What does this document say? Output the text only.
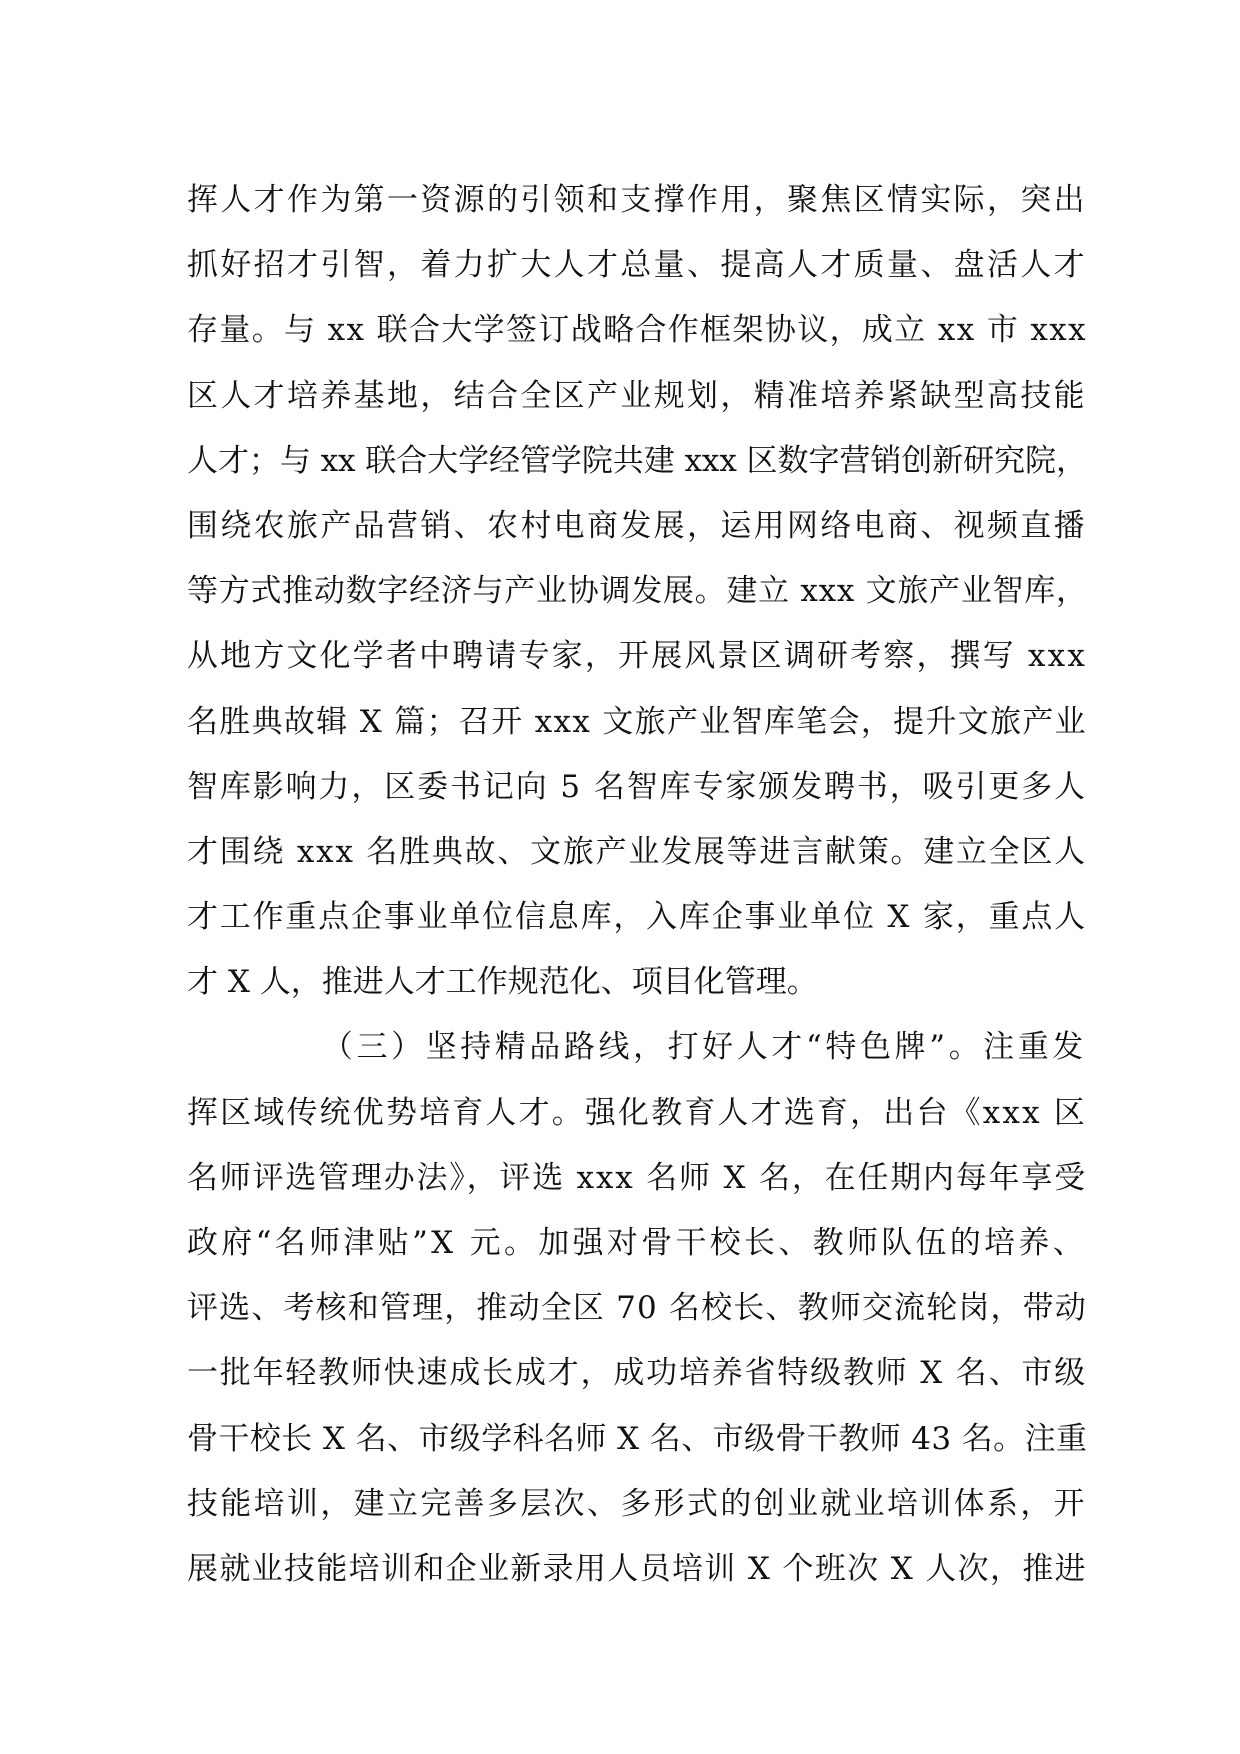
挥人才作为第一资源的引领和支撑作用，聚焦区情实际，突出
抓好招才引智，着力扩大人才总量、提高人才质量、盘活人才
存量。与 xx 联合大学签订战略合作框架协议，成立 xx 市 xxx
区人才培养基地，结合全区产业规划，精准培养紧缺型高技能
人才；与 xx 联合大学经管学院共建 xxx 区数字营销创新研究院，
围绕农旅产品营销、农村电商发展，运用网络电商、视频直播
等方式推动数字经济与产业协调发展。建立 xxx 文旅产业智库，
从地方文化学者中聘请专家，开展风景区调研考察，撰写 xxx
名胜典故辑 X 篇；召开 xxx 文旅产业智库笔会，提升文旅产业
智库影响力，区委书记向 5 名智库专家颁发聘书，吸引更多人
才围绕 xxx 名胜典故、文旅产业发展等进言献策。建立全区人
才工作重点企事业单位信息库，入库企事业单位 X 家，重点人
才 X 人，推进人才工作规范化、项目化管理。
（三）坚持精品路线，打好人才“特色牌”。注重发
挥区域传统优势培育人才。强化教育人才选育，出台《xxx 区
名师评选管理办法》，评选 xxx 名师 X 名，在任期内每年享受
政府“名师津贴”X 元。加强对骨干校长、教师队伍的培养、
评选、考核和管理，推动全区 70 名校长、教师交流轮岗，带动
一批年轻教师快速成长成才，成功培养省特级教师 X 名、市级
骨干校长 X 名、市级学科名师 X 名、市级骨干教师 43 名。注重
技能培训，建立完善多层次、多形式的创业就业培训体系，开
展就业技能培训和企业新录用人员培训 X 个班次 X 人次，推进
